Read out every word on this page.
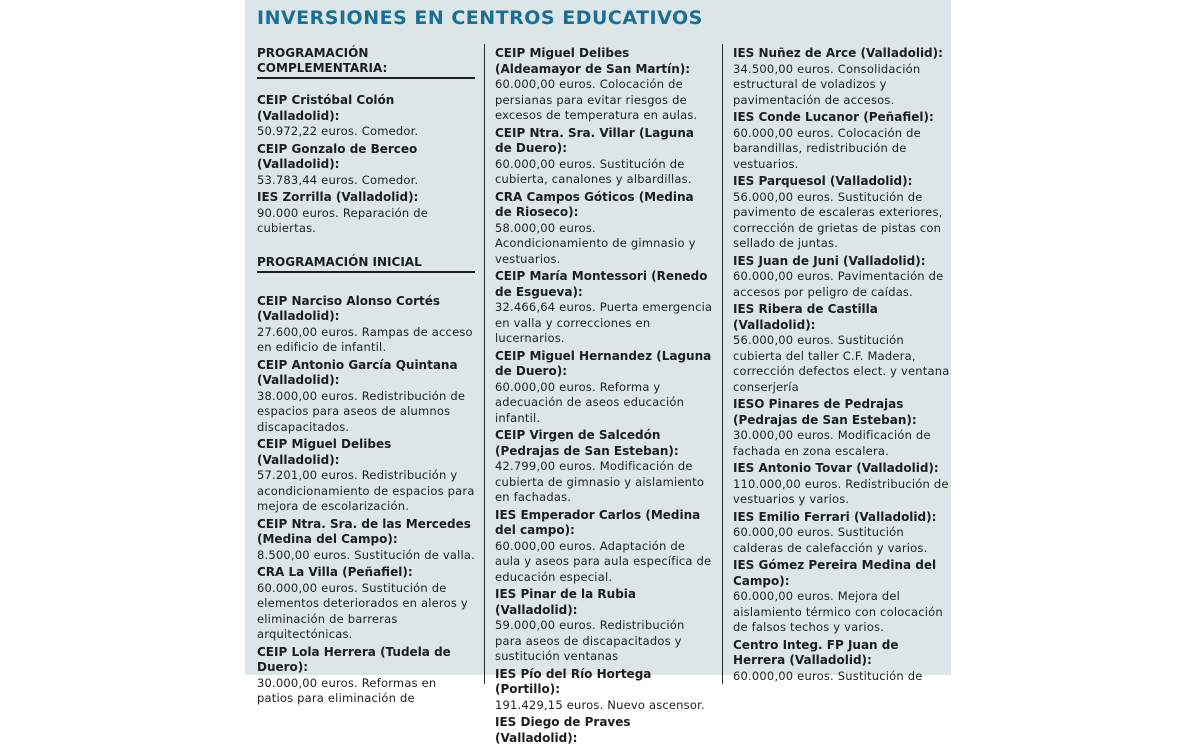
INVERSIONES EN CENTROS EDUCATIVOS
PROGRAMACIÓN COMPLEMENTARIA:
CEIP Cristóbal Colón (Valladolid):
50.972,22 euros. Comedor.
CEIP Gonzalo de Berceo (Valladolid):
53.783,44 euros. Comedor.
IES Zorrilla (Valladolid):
90.000 euros. Reparación de cubiertas.
PROGRAMACIÓN INICIAL
CEIP Narciso Alonso Cortés (Valladolid):
27.600,00 euros. Rampas de acceso en edificio de infantil.
CEIP Antonio García Quintana (Valladolid):
38.000,00 euros. Redistribución de espacios para aseos de alumnos discapacitados.
CEIP Miguel Delibes (Valladolid):
57.201,00 euros. Redistribución y acondicionamiento de espacios para mejora de escolarización.
CEIP Ntra. Sra. de las Mercedes (Medina del Campo):
8.500,00 euros. Sustitución de valla.
CRA La Villa (Peñafiel):
60.000,00 euros. Sustitución de elementos deteriorados en aleros y eliminación de barreras arquitectónicas.
CEIP Lola Herrera (Tudela de Duero):
30.000,00 euros. Reformas en patios para eliminación de
CEIP Miguel Delibes (Aldeamayor de San Martín):
60.000,00 euros. Colocación de persianas para evitar riesgos de excesos de temperatura en aulas.
CEIP Ntra. Sra. Villar (Laguna de Duero):
60.000,00 euros. Sustitución de cubierta, canalones y albardillas.
CRA Campos Góticos (Medina de Rioseco):
58.000,00 euros. Acondicionamiento de gimnasio y vestuarios.
CEIP María Montessori (Renedo de Esgueva):
32.466,64 euros. Puerta emergencia en valla y correcciones en lucernarios.
CEIP Miguel Hernandez (Laguna de Duero):
60.000,00 euros. Reforma y adecuación de aseos educación infantil.
CEIP Virgen de Salcedón (Pedrajas de San Esteban):
42.799,00 euros. Modificación de cubierta de gimnasio y aislamiento en fachadas.
IES Emperador Carlos (Medina del campo):
60.000,00 euros. Adaptación de aula y aseos para aula específica de educación especial.
IES Pinar de la Rubia (Valladolid):
59.000,00 euros. Redistribución para aseos de discapacitados y sustitución ventanas
IES Pío del Río Hortega (Portillo):
191.429,15 euros. Nuevo ascensor.
IES Diego de Praves (Valladolid):
IES Nuñez de Arce (Valladolid):
34.500,00 euros. Consolidación estructural de voladizos y pavimentación de accesos.
IES Conde Lucanor (Peñafiel):
60.000,00 euros. Colocación de barandillas, redistribución de vestuarios.
IES Parquesol (Valladolid):
56.000,00 euros. Sustitución de pavimento de escaleras exteriores, corrección de grietas de pistas con sellado de juntas.
IES Juan de Juni (Valladolid):
60.000,00 euros. Pavimentación de accesos por peligro de caídas.
IES Ribera de Castilla (Valladolid):
56.000,00 euros. Sustitución cubierta del taller C.F. Madera, corrección defectos elect. y ventana conserjería
IESO Pinares de Pedrajas (Pedrajas de San Esteban):
30.000,00 euros. Modificación de fachada en zona escalera.
IES Antonio Tovar (Valladolid):
110.000,00 euros. Redistribución de vestuarios y varios.
IES Emilio Ferrari (Valladolid):
60.000,00 euros. Sustitución calderas de calefacción y varios.
IES Gómez Pereira Medina del Campo):
60.000,00 euros. Mejora del aislamiento térmico con colocación de falsos techos y varios.
Centro Integ. FP Juan de Herrera (Valladolid):
60.000,00 euros. Sustitución de
